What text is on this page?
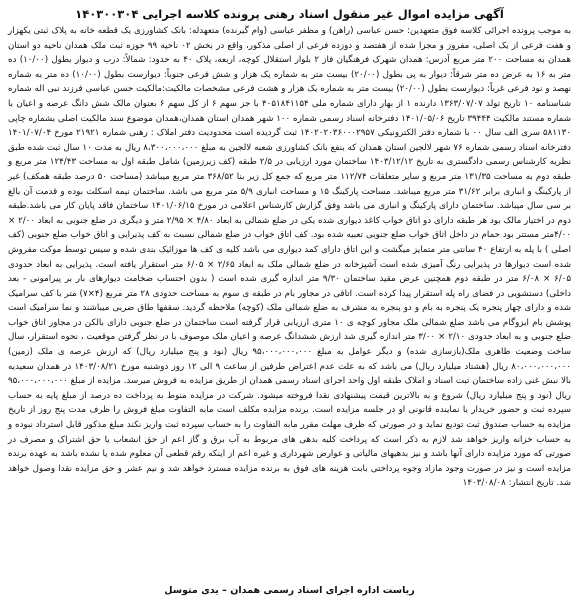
آگهی مزایده اموال غیر منقول اسناد رهنی پرونده کلاسه اجرایی ۱۴۰۳۰۰۳۰۴

به موجب پرونده اجرائی کلاسه فوق متعهدین: حسن عباسی (راهن) و مظفر عباسی (وام گیرنده) متعهدله: بانک کشاورزی یک قطعه خانه به پلاک ثبتی یکهزار و هفت فرعی از یک اصلی، مفروز و مجزا شده از هفتصد و دوزده فرعی از اصلی مذکور، واقع در بخش ۰۲ ناحیه ۹۹ حوزه ثبت ملک همدان ناحیه دو استان همدان به مساحت ۲۰۰ متر مربع آدرس: همدان شهرک فرهنگیان فاز ۲ بلوار استقلال کوچه، اربعه، پلاک ۴۰ به حدود: شمالاً: درب و دیوار بطول (۱۰/۰۰) ده متر به ۱۶ به عرض ده متر شرقاً: دیوار به پی بطول (۲۰/۰۰) بیست متر به شماره یک هزار و شش فرعی جنوباً: دیوارست بطول (۱۰/۰۰) ده متر به شماره نهصد و نود فرعی غرباً: دیوارست بطول (۲۰/۰۰) بیست متر به شماره یک هزار و هشت فرعی مشخصات مالکیت:مالکیت حسن عباسی فرزند نبی اله شماره شناسنامه ۱۰ تاریخ تولد ۱۳۶۳/۰۷/۰۷ دارنده ۱ از بهار دارای شماره ملی ۴۰۵۱۸۴۱۱۵۴ با جز سهم ۶ از کل سهم ۶ بعنوان مالک شش دانگ عرصه و اعیان با شماره مستند مالکیت ۳۹۴۴۴ تاریخ ۱۴۰۱/۰۵/۰۶ دفترخانه اسناد رسمی شماره ۱۰۰ شهر همدان استان همدان،همدان موضوع سند مالکیت اصلی بشماره چاپی ۵۸۱۱۳۰ سری الف سال ۰۰ با شماره دفتر الکترونیکی ۱۴۰۲۰۲۰۳۶۰۰۰۲۹۵۷ ثبت گردیده است محدودیت دفتر املاک : رهنی شماره ۲۱۹۲۱ مورخ ۱۴۰۱/۰۷/۰۴ دفترخانه اسناد رسمی شماره ۷۶ شهر لالجین استان همدان که بنفع بانک کشاورزی شعبه لالجین به مبلغ ۸،۳۰۰،۰۰۰،۰۰۰ ریال به مدت ۱۰ سال ثبت شده طبق نظریه کارشناس رسمی دادگستری به تاریخ ۱۴۰۳/۱۲/۱۲ ساختمان مورد ارزیابی در ۲/۵ طبقه (کف زیرزمین) شامل طبقه اول به مساحت ۱۲۴/۴۳ متر مربع و طبقه دوم به مساحت ۱۳۱/۳۵ متر مربع و سایر متعلقات ۱۱۲/۷۴ متر مربع که جمع کل زیر بنا ۳۶۸/۵۲ متر مربع میباشد (مساحت ۵۰ درصد طبقه همکف) غیر از پارکینگ و انباری برابر ۳۱/۶۲ متر مربع میباشد. مساحت پارکینگ ۱۵ و مساحت انباری ۵/۹ متر مربع می باشد. ساختمان نیمه اسکلت بوده و قدمت آن بالغ بر سی سال میباشد. ساختمان دارای پارکینگ و انباری می باشد وفق گزارش کارشناس اعلامی در مورخ ۱۴۰۱/۰۶/۱۵ ساختمان فاقد پایان کار می باشد.طبقه دوم در اختیار مالک بود هر طبقه دارای دو اتاق خواب کاغذ دیواری شده یکی در ضلع شمالی به ابعاد ۴/۸۰ × ۲/۹۵ متر و دیگری در ضلع جنوبی به ابعاد ۲/۰۰ × ۴/۰۰متر مستتر بود حمام در داخل اتاق خواب ضلع جنوبی تعبیه شده بود. کف اتاق خواب در ضلع شمالی نسبت به کف پذیرایی و اتاق خواب ضلع جنوبی (کف اصلی ) با پله به ارتفاع ۴۰ سانتی متر متمایز میگشت و این اتاق دارای کمد دیواری می باشد کلیه ی کف ها موزائیک بندی شده و سیس توسط موکت مفروش شده است دیوارها در پذیرایی رنگ آمیزی شده است آشپزخانه در ضلع شمالی ملک به ابعاد ۲/۶۵ × ۶/۰۵ متر استقرار یافته است. پذیرایی به ابعاد حدودی ۶/۰۵ × ۶/۰۸ متر در طبقه دوم همچنین عرض مقید ساختمان ۹/۳۰ متر اندازه گیری شده است ( بدون احتساب ضخامت دیوارهای بار بر پیرامونی - بعد داخلی) دستشویی در فضای راه پله استقرار پیدا کرده است. اتاقی در مجاور بام در طبقه ی سوم به مساحت حدودی ۲۸ متر مربع (۴×۷) متر با کف سرامیک شده و دارای چهار پنجره یک پنجره به بام و دو پنجره به مشرف به ضلع شمالی ملک (کوچه) ملاحظه گردید. سقفها طاق ضربی میباشند و نما سرامیک است پوشش بام ایزوگام می باشد ضلع شمالی ملک مجاور کوچه ی ۱۰ متری ارزیابی قرار گرفته است ساختمان در ضلع جنوبی دارای بالکن در مجاور اتاق خواب ضلع جنوبی و به ابعاد حدودی ۲/۱۰ × ۳/۰۰ متر اندازه گیری شد ارزش ششدانگ عرصه و اعیان ملک موصوف با در نظر گرفتن موقعیت ، نحوه استقرار، سال ساخت وضعیت ظاهری ملک(بازسازی شده) و دیگر عوامل به مبلغ ۹۵،۰۰۰،۰۰۰،۰۰۰ ریال (نود و پنج میلیارد ریال) که ارزش عرصه ی ملک (زمین) ۸۰،۰۰۰،۰۰۰،۰۰۰ ریال (هشتاد میلیارد ریال) می باشد که به علت عدم اعتراض طرفین از ساعت ۹ الی ۱۲ روز دوشنبه مورخ ۱۴۰۳/۰۸/۲۱ در همدان سعیدیه بالا نبش غنی زاده ساختمان ثبت اسناد و املاک طبقه اول واحد اجرای اسناد رسمی همدان از طریق مزایده به فروش میرسد. مزایده از مبلغ ۹۵،۰۰۰،۰۰۰،۰۰۰ ریال (نود و پنج میلیارد ریال) شروع و به بالاترین قیمت پیشنهادی نقدا فروخته میشود. شرکت در مزایده منوط به پرداخت ده درصد از مبلغ پایه به حساب سپرده ثبت و حضور خریدار یا نماینده قانونی او در جلسه مزایده است. برنده مزایده مکلف است مابه التفاوت مبلغ فروش را ظرف مدت پنج روز از تاریخ مزایده به حساب صندوق ثبت تودیع نماید و در صورتی که ظرف مهلت مقرر مابه التفاوت را به حساب سپرده ثبت واریز نکند مبلغ مذکور قابل استرداد نبوده و به حساب خزانه واریز خواهد شد لازم به ذکر است که پرداخت کلیه بدهی های مربوط به آب برق و گاز اعم از حق انشعاب یا حق اشتراک و مصرف در صورتی که مورد مزایده دارای آنها باشد و نیز بدهیهای مالیاتی و عوارض شهرداری و غیره اعم از اینکه رقم قطعی آن معلوم شده یا نشده باشد به عهده برنده مزایده است و نیز در صورت وجود مازاد وجوه پرداختی بابت هزینه های فوق به برنده مزایده مسترد خواهد شد و نیم عشر و حق مزایده نقدا وصول خواهد شد. تاریخ انتشار: ۱۴۰۳/۰۸/۰۸

ریاست اداره اجرای اسناد رسمی همدان – یدی متوسل
